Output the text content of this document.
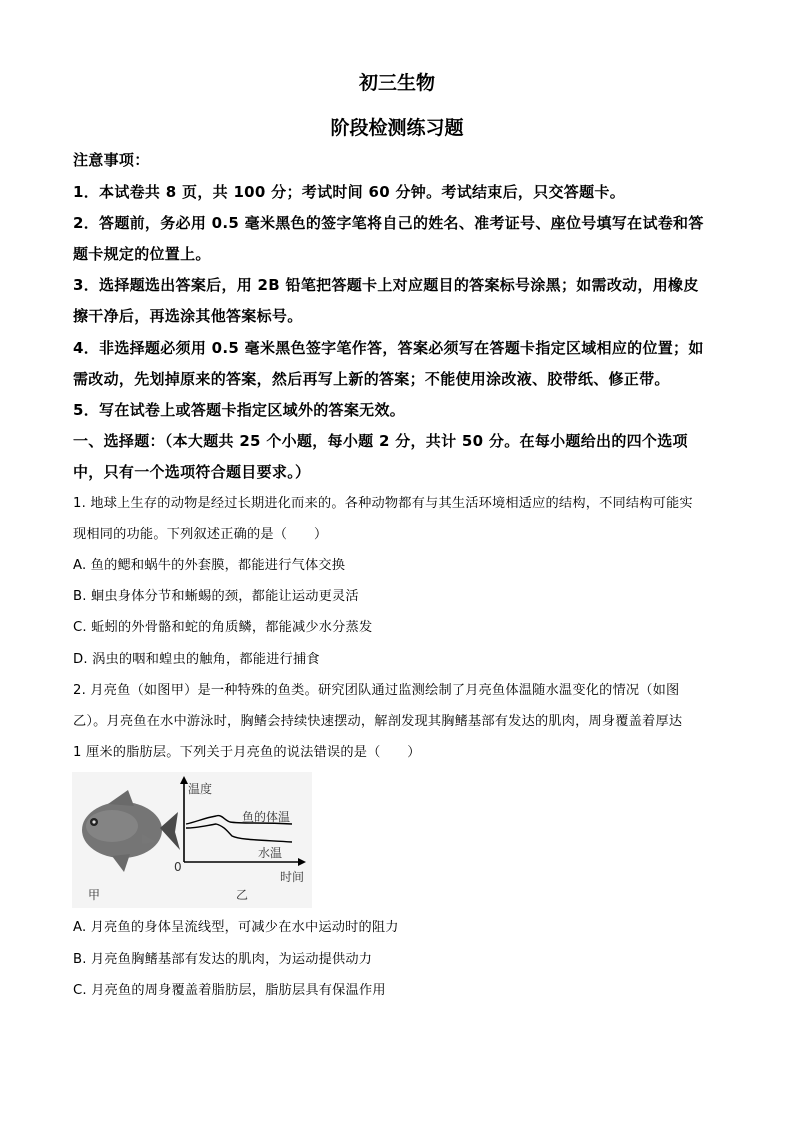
初三生物
阶段检测练习题
注意事项：
1．本试卷共 8 页，共 100 分；考试时间 60 分钟。考试结束后，只交答题卡。
2．答题前，务必用 0.5 毫米黑色的签字笔将自己的姓名、准考证号、座位号填写在试卷和答
题卡规定的位置上。
3．选择题选出答案后，用 2B 铅笔把答题卡上对应题目的答案标号涂黑；如需改动，用橡皮
擦干净后，再选涂其他答案标号。
4．非选择题必须用 0.5 毫米黑色签字笔作答，答案必须写在答题卡指定区域相应的位置；如
需改动，先划掉原来的答案，然后再写上新的答案；不能使用涂改液、胶带纸、修正带。
5．写在试卷上或答题卡指定区域外的答案无效。
一、选择题：（本大题共 25 个小题，每小题 2 分，共计 50 分。在每小题给出的四个选项
中，只有一个选项符合题目要求。）
1. 地球上生存的动物是经过长期进化而来的。各种动物都有与其生活环境相适应的结构，不同结构可能实
现相同的功能。下列叙述正确的是（　　）
A. 鱼的鳃和蜗牛的外套膜，都能进行气体交换
B. 蛔虫身体分节和蜥蜴的颈，都能让运动更灵活
C. 蚯蚓的外骨骼和蛇的角质鳞，都能减少水分蒸发
D. 涡虫的咽和蝗虫的触角，都能进行捕食
2. 月亮鱼（如图甲）是一种特殊的鱼类。研究团队通过监测绘制了月亮鱼体温随水温变化的情况（如图
乙）。月亮鱼在水中游泳时，胸鳍会持续快速摆动，解剖发现其胸鳍基部有发达的肌肉，周身覆盖着厚达
1 厘米的脂肪层。下列关于月亮鱼的说法错误的是（　　）
温度
时间
0
鱼的体温
水温
甲	乙
A. 月亮鱼的身体呈流线型，可减少在水中运动时的阻力
B. 月亮鱼胸鳍基部有发达的肌肉，为运动提供动力
C. 月亮鱼的周身覆盖着脂肪层，脂肪层具有保温作用
